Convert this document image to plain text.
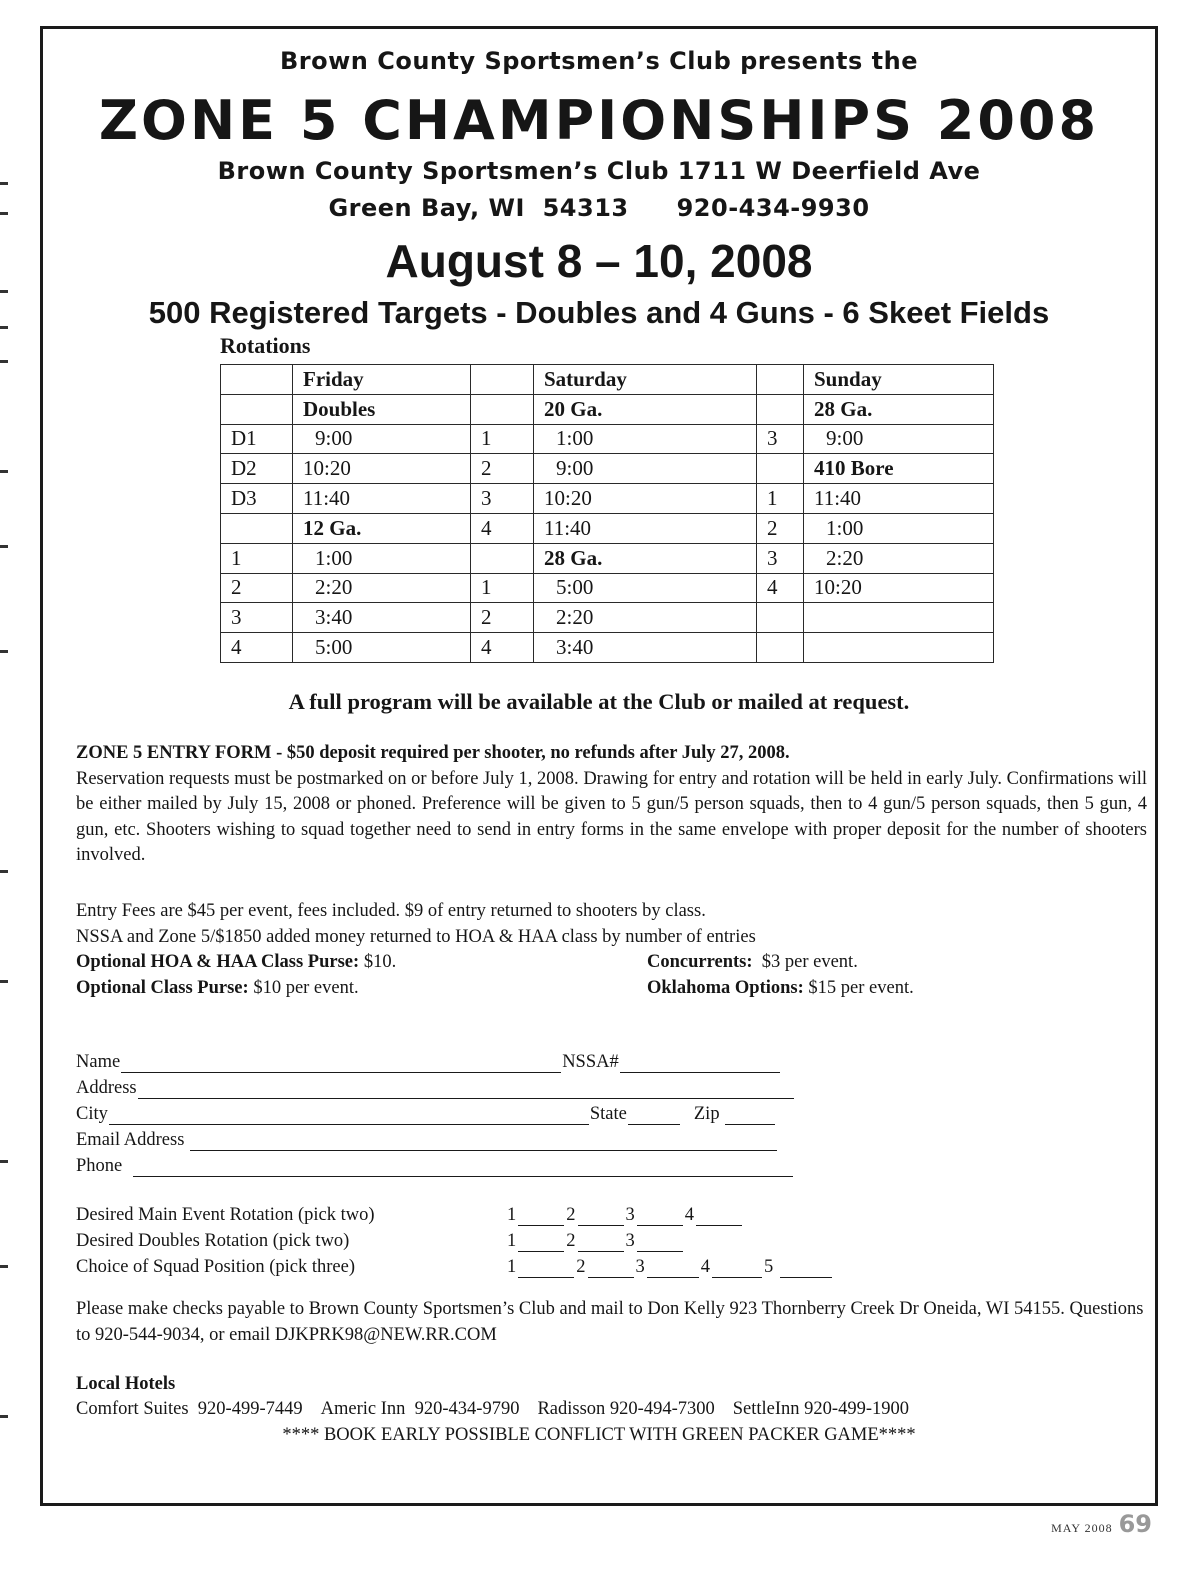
Brown County Sportsmen’s Club presents the
ZONE 5 CHAMPIONSHIPS 2008
Brown County Sportsmen’s Club 1711 W Deerfield Ave
Green Bay, WI  54313 920-434-9930
August 8 – 10, 2008
500 Registered Targets - Doubles and 4 Guns - 6 Skeet Fields
Rotations
	Friday		Saturday		Sunday
	Doubles		20 Ga.		28 Ga.
D1	9:00	1	1:00	3	9:00
D2	10:20	2	9:00		410 Bore
D3	11:40	3	10:20	1	11:40
	12 Ga.	4	11:40	2	1:00
1	1:00		28 Ga.	3	2:20
2	2:20	1	5:00	4	10:20
3	3:40	2	2:20		
4	5:00	4	3:40		
A full program will be available at the Club or mailed at request.
ZONE 5 ENTRY FORM - $50 deposit required per shooter, no refunds after July 27, 2008.
Reservation requests must be postmarked on or before July 1, 2008. Drawing for entry and rotation will be held in early July. Confirmations will be either mailed by July 15, 2008 or phoned. Preference will be given to 5 gun/5 person squads, then to 4 gun/5 person squads, then 5 gun, 4 gun, etc. Shooters wishing to squad together need to send in entry forms in the same envelope with proper deposit for the number of shooters involved.
Entry Fees are $45 per event, fees included. $9 of entry returned to shooters by class.
NSSA and Zone 5/$1850 added money returned to HOA & HAA class by number of entries
Optional HOA & HAA Class Purse: $10.
Optional Class Purse: $10 per event.
Concurrents: $3 per event.
Oklahoma Options: $15 per event.
Name	NSSA#
Address
City	State	Zip

Email Address

Phone

Desired Main Event Rotation (pick two)	1	2	3	4
Desired Doubles Rotation (pick two)	1	2	3
Choice of Squad Position (pick three)	1	2	3	4	5

Please make checks payable to Brown County Sportsmen’s Club and mail to Don Kelly 923 Thornberry Creek Dr Oneida, WI 54155. Questions to 920-544-9034, or email DJKPRK98@NEW.RR.COM
Local Hotels
Comfort Suites  920-499-7449 Americ Inn  920-434-9790 Radisson 920-494-7300 SettleInn 920-499-1900
**** BOOK EARLY POSSIBLE CONFLICT WITH GREEN PACKER GAME****
MAY 2008 69
